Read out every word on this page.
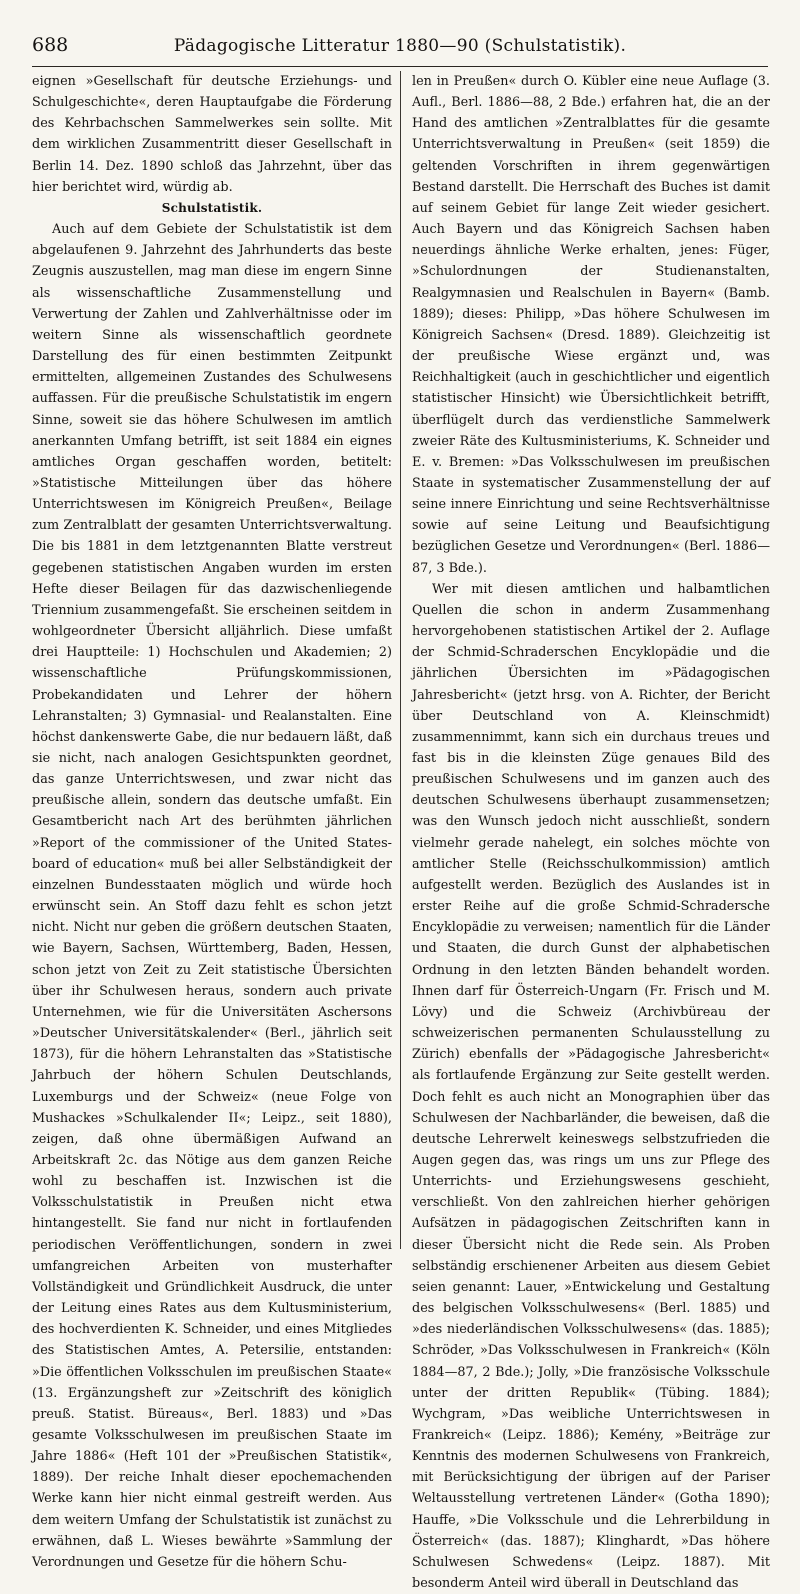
688	Pädagogische Litteratur 1880—90 (Schulstatistik).

eignen »Gesellschaft für deutsche Erziehungs- und Schulgeschichte«, deren Hauptaufgabe die Förderung des Kehrbachschen Sammelwerkes sein sollte. Mit dem wirklichen Zusammentritt dieser Gesellschaft in Berlin 14. Dez. 1890 schloß das Jahrzehnt, über das hier berichtet wird, würdig ab.

Schulstatistik.

Auch auf dem Gebiete der Schulstatistik ist dem abgelaufenen 9. Jahrzehnt des Jahrhunderts das beste Zeugnis auszustellen, mag man diese im engern Sinne als wissenschaftliche Zusammenstellung und Verwertung der Zahlen und Zahlverhältnisse oder im weitern Sinne als wissenschaftlich geordnete Darstellung des für einen bestimmten Zeitpunkt ermittelten, allgemeinen Zustandes des Schulwesens auffassen. Für die preußische Schulstatistik im engern Sinne, soweit sie das höhere Schulwesen im amtlich anerkannten Umfang betrifft, ist seit 1884 ein eignes amtliches Organ geschaffen worden, betitelt: »Statistische Mitteilungen über das höhere Unterrichtswesen im Königreich Preußen«, Beilage zum Zentralblatt der gesamten Unterrichtsverwaltung. Die bis 1881 in dem letztgenannten Blatte verstreut gegebenen statistischen Angaben wurden im ersten Hefte dieser Beilagen für das dazwischenliegende Triennium zusammengefaßt. Sie erscheinen seitdem in wohlgeordneter Übersicht alljährlich. Diese umfaßt drei Hauptteile: 1) Hochschulen und Akademien; 2) wissenschaftliche Prüfungskommissionen, Probekandidaten und Lehrer der höhern Lehranstalten; 3) Gymnasial- und Realanstalten. Eine höchst dankenswerte Gabe, die nur bedauern läßt, daß sie nicht, nach analogen Gesichtspunkten geordnet, das ganze Unterrichtswesen, und zwar nicht das preußische allein, sondern das deutsche umfaßt. Ein Gesamtbericht nach Art des berühmten jährlichen »Report of the commissioner of the United States-board of education« muß bei aller Selbständigkeit der einzelnen Bundesstaaten möglich und würde hoch erwünscht sein. An Stoff dazu fehlt es schon jetzt nicht. Nicht nur geben die größern deutschen Staaten, wie Bayern, Sachsen, Württemberg, Baden, Hessen, schon jetzt von Zeit zu Zeit statistische Übersichten über ihr Schulwesen heraus, sondern auch private Unternehmen, wie für die Universitäten Aschersons »Deutscher Universitätskalender« (Berl., jährlich seit 1873), für die höhern Lehranstalten das »Statistische Jahrbuch der höhern Schulen Deutschlands, Luxemburgs und der Schweiz« (neue Folge von Mushackes »Schulkalender II«; Leipz., seit 1880), zeigen, daß ohne übermäßigen Aufwand an Arbeitskraft 2c. das Nötige aus dem ganzen Reiche wohl zu beschaffen ist. Inzwischen ist die Volksschulstatistik in Preußen nicht etwa hintangestellt. Sie fand nur nicht in fortlaufenden periodischen Veröffentlichungen, sondern in zwei umfangreichen Arbeiten von musterhafter Vollständigkeit und Gründlichkeit Ausdruck, die unter der Leitung eines Rates aus dem Kultusministerium, des hochverdienten K. Schneider, und eines Mitgliedes des Statistischen Amtes, A. Petersilie, entstanden: »Die öffentlichen Volksschulen im preußischen Staate« (13. Ergänzungsheft zur »Zeitschrift des königlich preuß. Statist. Büreaus«, Berl. 1883) und »Das gesamte Volksschulwesen im preußischen Staate im Jahre 1886« (Heft 101 der »Preußischen Statistik«, 1889). Der reiche Inhalt dieser epochemachenden Werke kann hier nicht einmal gestreift werden. Aus dem weitern Umfang der Schulstatistik ist zunächst zu erwähnen, daß L. Wieses bewährte »Sammlung der Verordnungen und Gesetze für die höhern Schu-

len in Preußen« durch O. Kübler eine neue Auflage (3. Aufl., Berl. 1886—88, 2 Bde.) erfahren hat, die an der Hand des amtlichen »Zentralblattes für die gesamte Unterrichtsverwaltung in Preußen« (seit 1859) die geltenden Vorschriften in ihrem gegenwärtigen Bestand darstellt. Die Herrschaft des Buches ist damit auf seinem Gebiet für lange Zeit wieder gesichert. Auch Bayern und das Königreich Sachsen haben neuerdings ähnliche Werke erhalten, jenes: Füger, »Schulordnungen der Studienanstalten, Realgymnasien und Realschulen in Bayern« (Bamb. 1889); dieses: Philipp, »Das höhere Schulwesen im Königreich Sachsen« (Dresd. 1889). Gleichzeitig ist der preußische Wiese ergänzt und, was Reichhaltigkeit (auch in geschichtlicher und eigentlich statistischer Hinsicht) wie Übersichtlichkeit betrifft, überflügelt durch das verdienstliche Sammelwerk zweier Räte des Kultusministeriums, K. Schneider und E. v. Bremen: »Das Volksschulwesen im preußischen Staate in systematischer Zusammenstellung der auf seine innere Einrichtung und seine Rechtsverhältnisse sowie auf seine Leitung und Beaufsichtigung bezüglichen Gesetze und Verordnungen« (Berl. 1886—87, 3 Bde.).

Wer mit diesen amtlichen und halbamtlichen Quellen die schon in anderm Zusammenhang hervorgehobenen statistischen Artikel der 2. Auflage der Schmid-Schraderschen Encyklopädie und die jährlichen Übersichten im »Pädagogischen Jahresbericht« (jetzt hrsg. von A. Richter, der Bericht über Deutschland von A. Kleinschmidt) zusammennimmt, kann sich ein durchaus treues und fast bis in die kleinsten Züge genaues Bild des preußischen Schulwesens und im ganzen auch des deutschen Schulwesens überhaupt zusammensetzen; was den Wunsch jedoch nicht ausschließt, sondern vielmehr gerade nahelegt, ein solches möchte von amtlicher Stelle (Reichsschulkommission) amtlich aufgestellt werden. Bezüglich des Auslandes ist in erster Reihe auf die große Schmid-Schradersche Encyklopädie zu verweisen; namentlich für die Länder und Staaten, die durch Gunst der alphabetischen Ordnung in den letzten Bänden behandelt worden. Ihnen darf für Österreich-Ungarn (Fr. Frisch und M. Lövy) und die Schweiz (Archivbüreau der schweizerischen permanenten Schulausstellung zu Zürich) ebenfalls der »Pädagogische Jahresbericht« als fortlaufende Ergänzung zur Seite gestellt werden. Doch fehlt es auch nicht an Monographien über das Schulwesen der Nachbarländer, die beweisen, daß die deutsche Lehrerwelt keineswegs selbstzufrieden die Augen gegen das, was rings um uns zur Pflege des Unterrichts- und Erziehungswesens geschieht, verschließt. Von den zahlreichen hierher gehörigen Aufsätzen in pädagogischen Zeitschriften kann in dieser Übersicht nicht die Rede sein. Als Proben selbständig erschienener Arbeiten aus diesem Gebiet seien genannt: Lauer, »Entwickelung und Gestaltung des belgischen Volksschulwesens« (Berl. 1885) und »des niederländischen Volksschulwesens« (das. 1885); Schröder, »Das Volksschulwesen in Frankreich« (Köln 1884—87, 2 Bde.); Jolly, »Die französische Volksschule unter der dritten Republik« (Tübing. 1884); Wychgram, »Das weibliche Unterrichtswesen in Frankreich« (Leipz. 1886); Kemény, »Beiträge zur Kenntnis des modernen Schulwesens von Frankreich, mit Berücksichtigung der übrigen auf der Pariser Weltausstellung vertretenen Länder« (Gotha 1890); Hauffe, »Die Volksschule und die Lehrerbildung in Österreich« (das. 1887); Klinghardt, »Das höhere Schulwesen Schwedens« (Leipz. 1887). Mit besonderm Anteil wird überall in Deutschland das
